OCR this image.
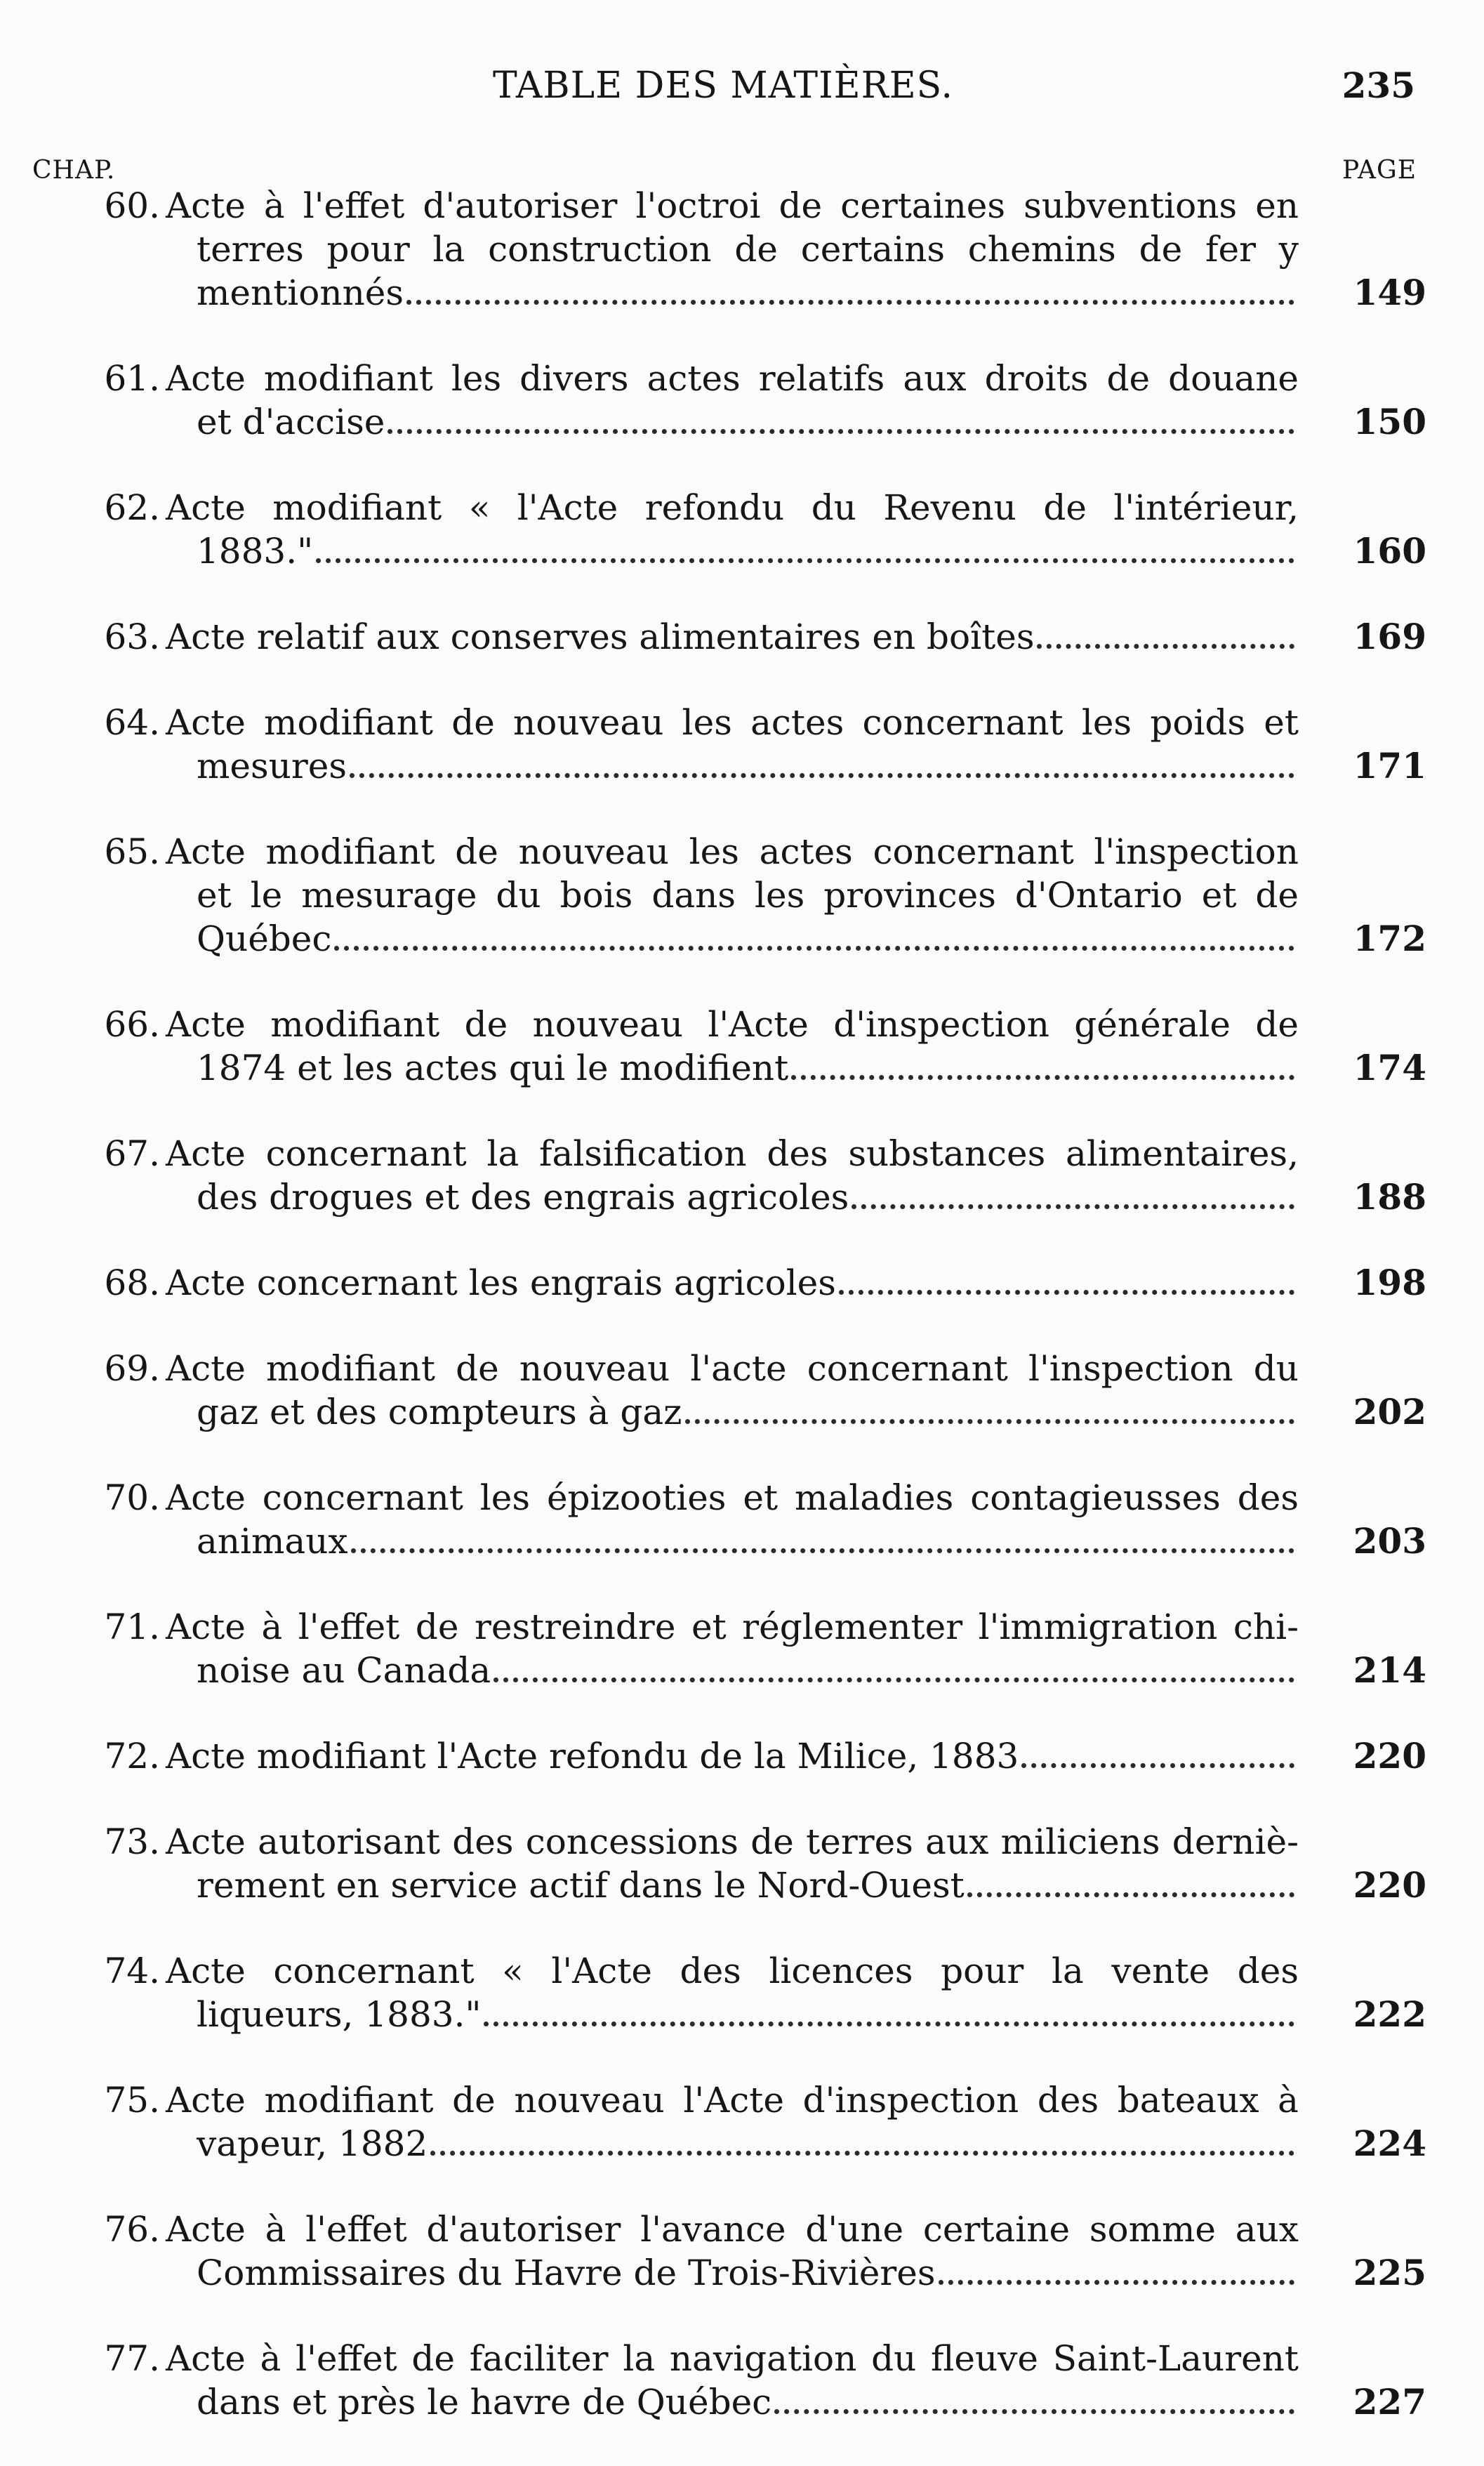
TABLE DES MATIÈRES.	235
CHAP.	PAGE
60. Acte à l'effet d'autoriser l'octroi de certaines subventions en
terres pour la construction de certains chemins de fer y
mentionnés	149
61. Acte modifiant les divers actes relatifs aux droits de douane
et d'accise	150
62. Acte modifiant « l'Acte refondu du Revenu de l'intérieur,
1883."	160
63. Acte relatif aux conserves alimentaires en boîtes	169
64. Acte modifiant de nouveau les actes concernant les poids et
mesures	171
65. Acte modifiant de nouveau les actes concernant l'inspection
et le mesurage du bois dans les provinces d'Ontario et de
Québec	172
66. Acte modifiant de nouveau l'Acte d'inspection générale de
1874 et les actes qui le modifient	174
67. Acte concernant la falsification des substances alimentaires,
des drogues et des engrais agricoles	188
68. Acte concernant les engrais agricoles	198
69. Acte modifiant de nouveau l'acte concernant l'inspection du
gaz et des compteurs à gaz	202
70. Acte concernant les épizooties et maladies contagieusses des
animaux	203
71. Acte à l'effet de restreindre et réglementer l'immigration chi-
noise au Canada	214
72. Acte modifiant l'Acte refondu de la Milice, 1883	220
73. Acte autorisant des concessions de terres aux miliciens derniè-
rement en service actif dans le Nord-Ouest	220
74. Acte concernant « l'Acte des licences pour la vente des
liqueurs, 1883."	222
75. Acte modifiant de nouveau l'Acte d'inspection des bateaux à
vapeur, 1882	224
76. Acte à l'effet d'autoriser l'avance d'une certaine somme aux
Commissaires du Havre de Trois-Rivières	225
77. Acte à l'effet de faciliter la navigation du fleuve Saint-Laurent
dans et près le havre de Québec	227
